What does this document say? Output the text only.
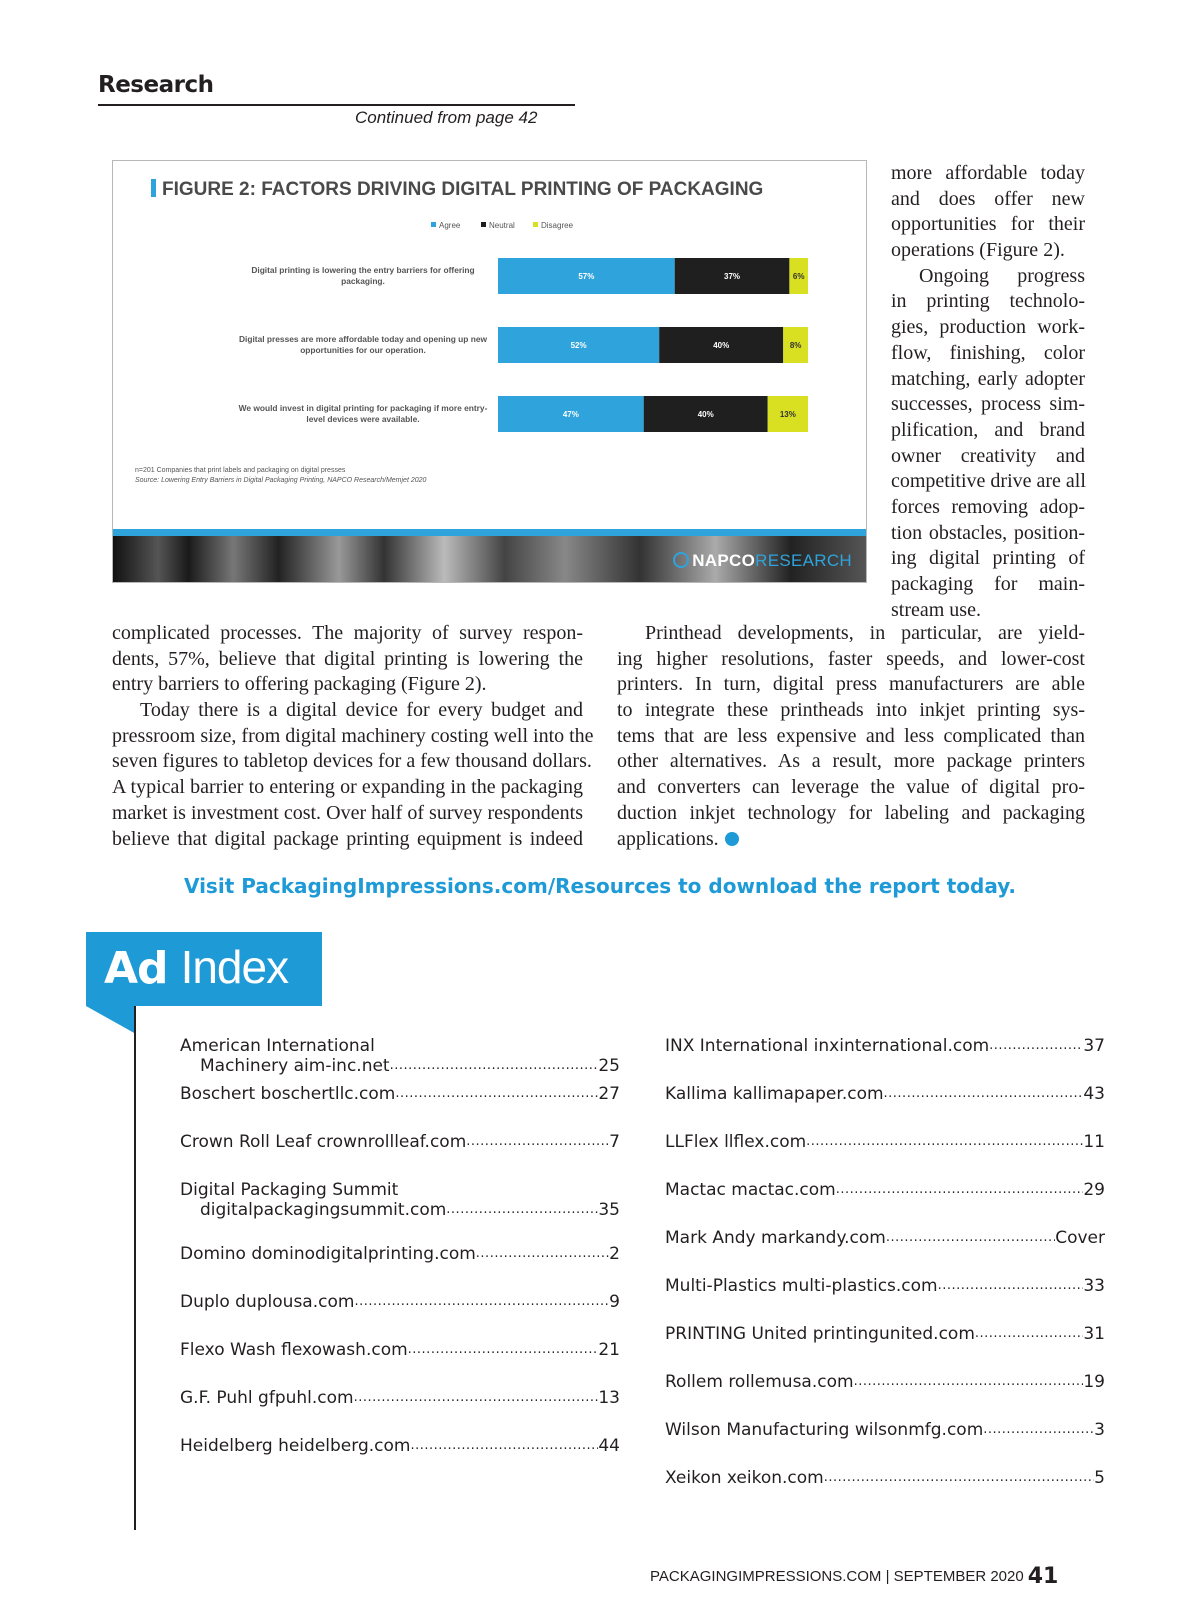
Research
Continued from page 42
FIGURE 2: FACTORS DRIVING DIGITAL PRINTING OF PACKAGING
Agree	Neutral	Disagree
Digital printing is lowering the entry barriers for offering
packaging.	57%	37%	6%
Digital presses are more affordable today and opening up new
opportunities for our operation.	52%	40%	8%
We would invest in digital printing for packaging if more entry-
level devices were available.	47%	40%	13%
n=201 Companies that print labels and packaging on digital presses
Source: Lowering Entry Barriers in Digital Packaging Printing, NAPCO Research/Memjet 2020
NAPCORESEARCH
more affordable today
and does offer new
opportunities for their
operations (Figure 2).
Ongoing progress
in printing technolo-
gies, production work-
flow, finishing, color
matching, early adopter
successes, process sim-
plification, and brand
owner creativity and
competitive drive are all
forces removing adop-
tion obstacles, position-
ing digital printing of
packaging for main-
stream use.
complicated processes. The majority of survey respon-
dents, 57%, believe that digital printing is lowering the
entry barriers to offering packaging (Figure 2).
Today there is a digital device for every budget and
pressroom size, from digital machinery costing well into the
seven figures to tabletop devices for a few thousand dollars.
A typical barrier to entering or expanding in the packaging
market is investment cost. Over half of survey respondents
believe that digital package printing equipment is indeed
Printhead developments, in particular, are yield-
ing higher resolutions, faster speeds, and lower-cost
printers. In turn, digital press manufacturers are able
to integrate these printheads into inkjet printing sys-
tems that are less expensive and less complicated than
other alternatives. As a result, more package printers
and converters can leverage the value of digital pro-
duction inkjet technology for labeling and packaging
applications.
Visit PackagingImpressions.com/Resources to download the report today.
Ad Index
American International
Machinery aim-inc.net .....	25
Boschert boschertllc.com .....	27
Crown Roll Leaf crownrollleaf.com .....	7
Digital Packaging Summit
digitalpackagingsummit.com .....	35
Domino dominodigitalprinting.com .....	2
Duplo duplousa.com .....	9
Flexo Wash flexowash.com .....	21
G.F. Puhl gfpuhl.com .....	13
Heidelberg heidelberg.com .....	44
INX International inxinternational.com .....	37
Kallima kallimapaper.com .....	43
LLFlex llflex.com .....	11
Mactac mactac.com .....	29
Mark Andy markandy.com .....	Cover
Multi-Plastics multi-plastics.com .....	33
PRINTING United printingunited.com .....	31
Rollem rollemusa.com .....	19
Wilson Manufacturing wilsonmfg.com .....	3
Xeikon xeikon.com .....	5
PACKAGINGIMPRESSIONS.COM | SEPTEMBER 2020 41
